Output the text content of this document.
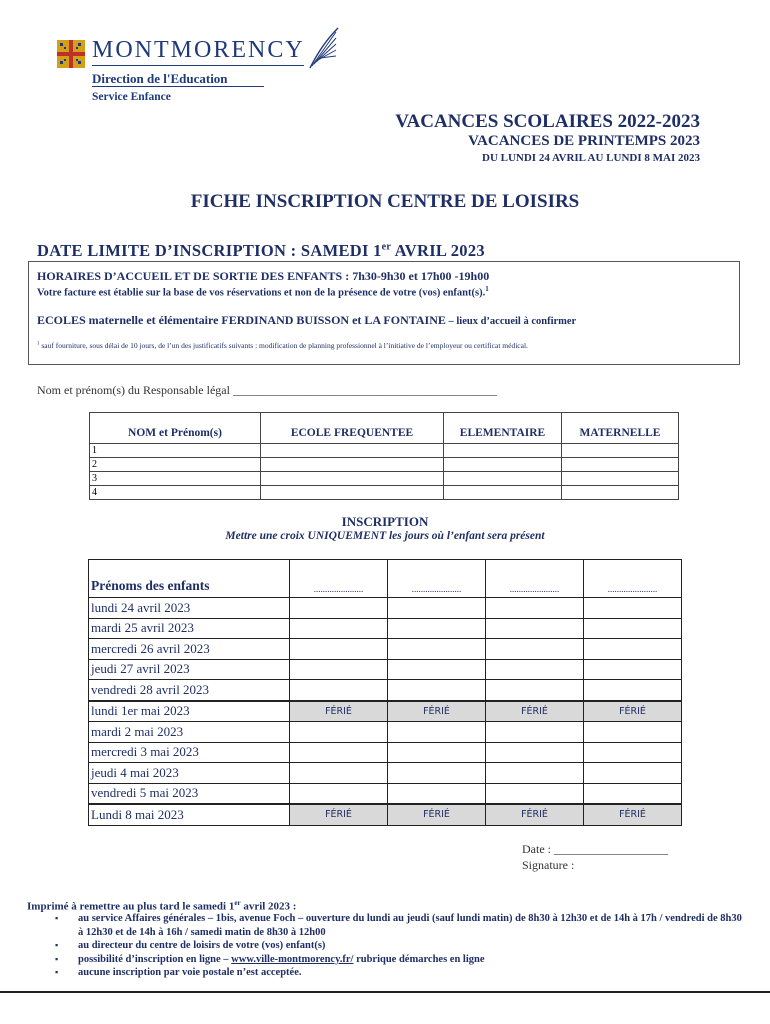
MONTMORENCY
Direction de l'Education
Service Enfance
VACANCES SCOLAIRES 2022-2023
VACANCES DE PRINTEMPS 2023
DU LUNDI 24 AVRIL AU LUNDI 8 MAI 2023
FICHE INSCRIPTION CENTRE DE LOISIRS
DATE LIMITE D’INSCRIPTION : SAMEDI 1er AVRIL 2023
HORAIRES D’ACCUEIL ET DE SORTIE DES ENFANTS : 7h30-9h30 et 17h00 -19h00
Votre facture est établie sur la base de vos réservations et non de la présence de votre (vos) enfant(s).$^1$
ECOLES maternelle et élémentaire FERDINAND BUISSON et LA FONTAINE – lieux d’accueil à confirmer
$^1$ sauf fourniture, sous délai de 10 jours, de l’un des justificatifs suivants : modification de planning professionnel à l’initiative de l’employeur ou certificat médical.
Nom et prénom(s) du Responsable légal ____________________________________________
NOM et Prénom(s)	ECOLE FREQUENTEE	ELEMENTAIRE	MATERNELLE
1			
2			
3			
4			
INSCRIPTION
Mettre une croix UNIQUEMENT les jours où l’enfant sera présent
Prénoms des enfants	......................	......................	......................	......................
lundi 24 avril 2023				
mardi 25 avril 2023				
mercredi 26 avril 2023				
jeudi 27 avril 2023				
vendredi 28 avril 2023				
lundi 1er mai 2023	FÉRIÉ	FÉRIÉ	FÉRIÉ	FÉRIÉ
mardi 2 mai 2023				
mercredi 3 mai 2023				
jeudi 4 mai 2023				
vendredi 5 mai 2023				
Lundi 8 mai 2023	FÉRIÉ	FÉRIÉ	FÉRIÉ	FÉRIÉ
Date : ___________________
Signature :
Imprimé à remettre au plus tard le samedi 1er avril 2023 :
▪ au service Affaires générales – 1bis, avenue Foch – ouverture du lundi au jeudi (sauf lundi matin) de 8h30 à 12h30 et de 14h à 17h / vendredi de 8h30 à 12h30 et de 14h à 16h / samedi matin de 8h30 à 12h00
▪ au directeur du centre de loisirs de votre (vos) enfant(s)
▪ possibilité d’inscription en ligne – www.ville-montmorency.fr/ rubrique démarches en ligne
▪ aucune inscription par voie postale n’est acceptée.
